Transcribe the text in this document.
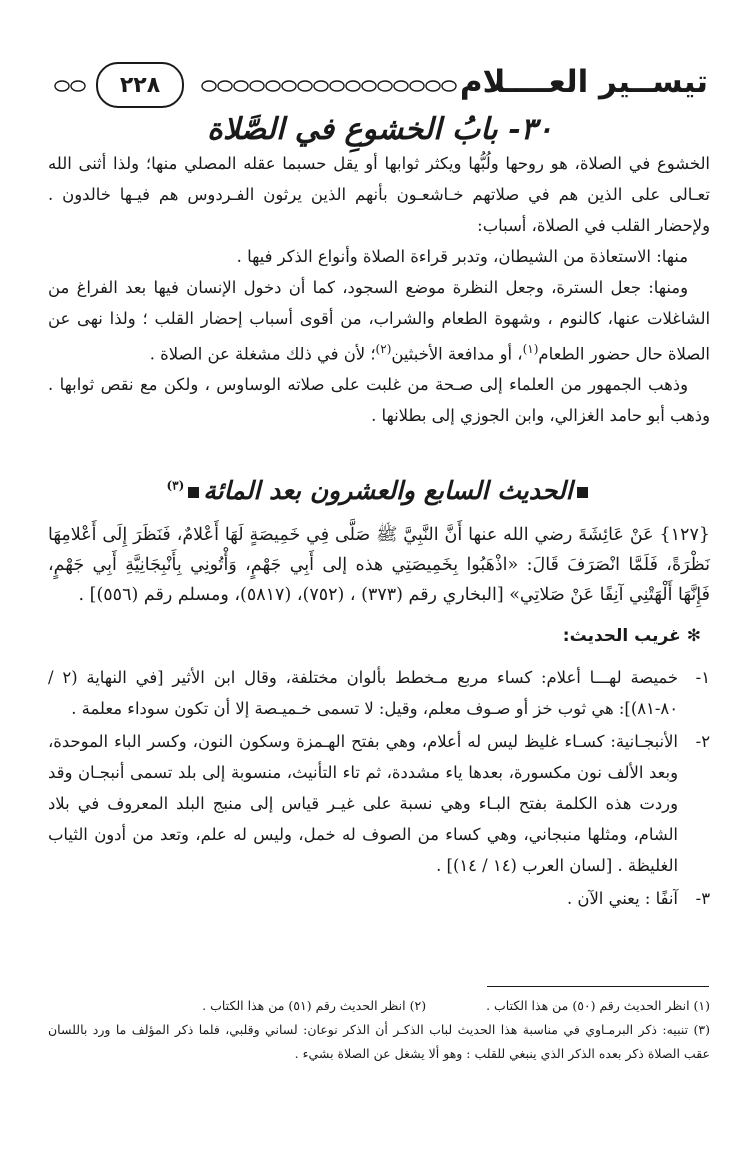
تيســير العــــلام
٢٢٨
٣٠- بابُ الخشوعِ في الصَّلاة

الخشوع في الصلاة، هو روحها ولُبُّها ويكثر ثوابها أو يقل حسبما عقله المصلي منها؛ ولذا أثنى الله تعـالى على الذين هم في صلاتهم خـاشعـون بأنهم الذين يرثون الفـردوس هم فيـها خالدون . ولإحضار القلب في الصلاة، أسباب:

منها: الاستعاذة من الشيطان، وتدبر قراءة الصلاة وأنواع الذكر فيها .

ومنها: جعل السترة، وجعل النظرة موضع السجود، كما أن دخول الإنسان فيها بعد الفراغ من الشاغلات عنها، كالنوم ، وشهوة الطعام والشراب، من أقوى أسباب إحضار القلب ؛ ولذا نهى عن الصلاة حال حضور الطعام$^{(١)}$، أو مدافعة الأخبثين$^{(٢)}$؛ لأن في ذلك مشغلة عن الصلاة .

وذهب الجمهور من العلماء إلى صـحة من غلبت على صلاته الوساوس ، ولكن مع نقص ثوابها . وذهب أبو حامد الغزالي، وابن الجوزي إلى بطلانها .

الحديث السابع والعشرون بعد المائة$^{(٣)}$

{١٢٧} عَنْ عَائِشَةَ رضي الله عنها أَنَّ النَّبِيَّ ﷺ صَلَّى فِي خَمِيصَةٍ لَهَا أَعْلامٌ، فَنَظَرَ إِلَى أَعْلامِهَا نَظْرَةً، فَلَمَّا انْصَرَفَ قَالَ: «اذْهَبُوا بِخَمِيصَتِي هذه إلى أَبِي جَهْمٍ، وَأْتُونِي بِأَنْبِجَانِيَّةِ أَبِي جَهْمٍ، فَإِنَّهَا أَلْهَتْنِي آنِفًا عَنْ صَلاتِي» [البخاري رقم (٣٧٣) ، (٧٥٢)، (٥٨١٧)، ومسلم رقم (٥٥٦)] .

✻غريب الحديث:
١-
خميصة لهـــا أعلام: كساء مربع مـخطط بألوان مختلفة، وقال ابن الأثير [في النهاية (٢ / ٨٠-٨١)]: هي ثوب خز أو صـوف معلم، وقيل: لا تسمى خـميـصة إلا أن تكون سوداء معلمة .
٢-
الأنبجـانية: كسـاء غليظ ليس له أعلام، وهي بفتح الهـمزة وسكون النون، وكسر الباء الموحدة، وبعد الألف نون مكسورة، بعدها ياء مشددة، ثم تاء التأنيث، منسوبة إلى بلد تسمى أنبجـان وقد وردت هذه الكلمة بفتح البـاء وهي نسبة على غيـر قياس إلى منبج البلد المعروف في بلاد الشام، ومثلها منبجاني، وهي كساء من الصوف له خمل، وليس له علم، وتعد من أدون الثياب الغليظة . [لسان العرب (١٤ / ١٤)] .
٣-
آنفًا : يعني الآن .
(١) انظر الحديث رقم (٥٠) من هذا الكتاب .
(٢) انظر الحديث رقم (٥١) من هذا الكتاب .

(٣) تنبيه: ذكر البرمـاوي في مناسبة هذا الحديث لباب الذكـر أن الذكر نوعان: لساني وقلبي، فلما ذكر المؤلف ما ورد باللسان عقب الصلاة ذكر بعده الذكر الذي ينبغي للقلب : وهو ألا يشغل عن الصلاة بشيء .
